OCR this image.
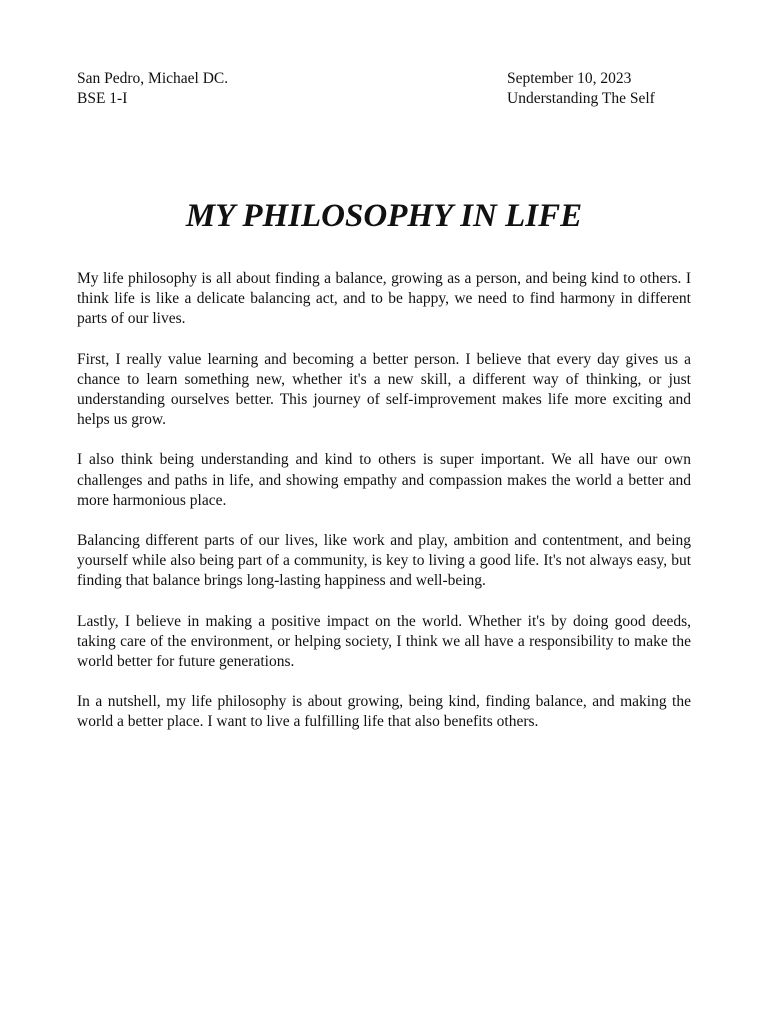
San Pedro, Michael DC.
BSE 1-I
September 10, 2023
Understanding The Self
MY PHILOSOPHY IN LIFE

My life philosophy is all about finding a balance, growing as a person, and being kind to others. I think life is like a delicate balancing act, and to be happy, we need to find harmony in different parts of our lives.

First, I really value learning and becoming a better person. I believe that every day gives us a chance to learn something new, whether it's a new skill, a different way of thinking, or just understanding ourselves better. This journey of self-improvement makes life more exciting and helps us grow.

I also think being understanding and kind to others is super important. We all have our own challenges and paths in life, and showing empathy and compassion makes the world a better and more harmonious place.

Balancing different parts of our lives, like work and play, ambition and contentment, and being yourself while also being part of a community, is key to living a good life. It's not always easy, but finding that balance brings long-lasting happiness and well-being.

Lastly, I believe in making a positive impact on the world. Whether it's by doing good deeds, taking care of the environment, or helping society, I think we all have a responsibility to make the world better for future generations.

In a nutshell, my life philosophy is about growing, being kind, finding balance, and making the world a better place. I want to live a fulfilling life that also benefits others.
